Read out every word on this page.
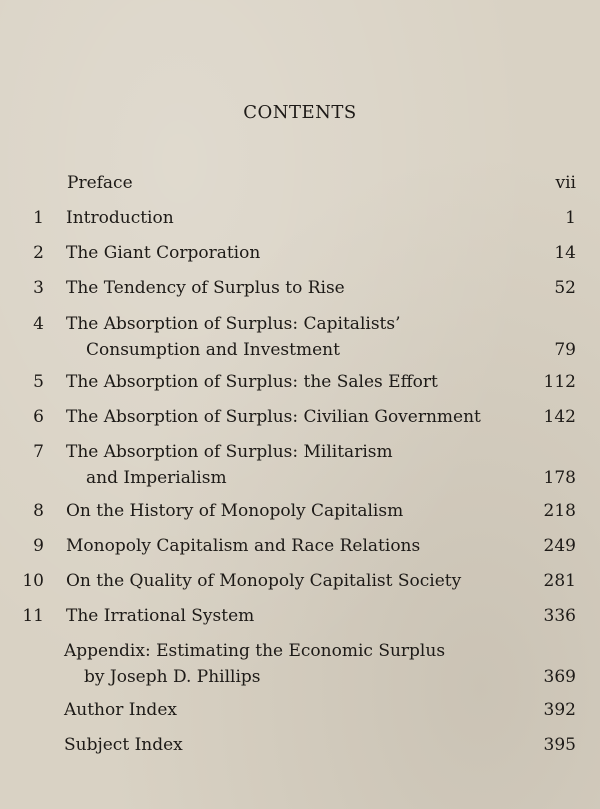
CONTENTS
Preface	vii
1 Introduction	1
2 The Giant Corporation	14
3 The Tendency of Surplus to Rise	52
4 The Absorption of Surplus: Capitalists’
Consumption and Investment	79
5 The Absorption of Surplus: the Sales Effort	112
6 The Absorption of Surplus: Civilian Government	142
7 The Absorption of Surplus: Militarism
and Imperialism	178
8 On the History of Monopoly Capitalism	218
9 Monopoly Capitalism and Race Relations	249
10 On the Quality of Monopoly Capitalist Society	281
11 The Irrational System	336
Appendix: Estimating the Economic Surplus
by Joseph D. Phillips	369
Author Index	392
Subject Index	395
